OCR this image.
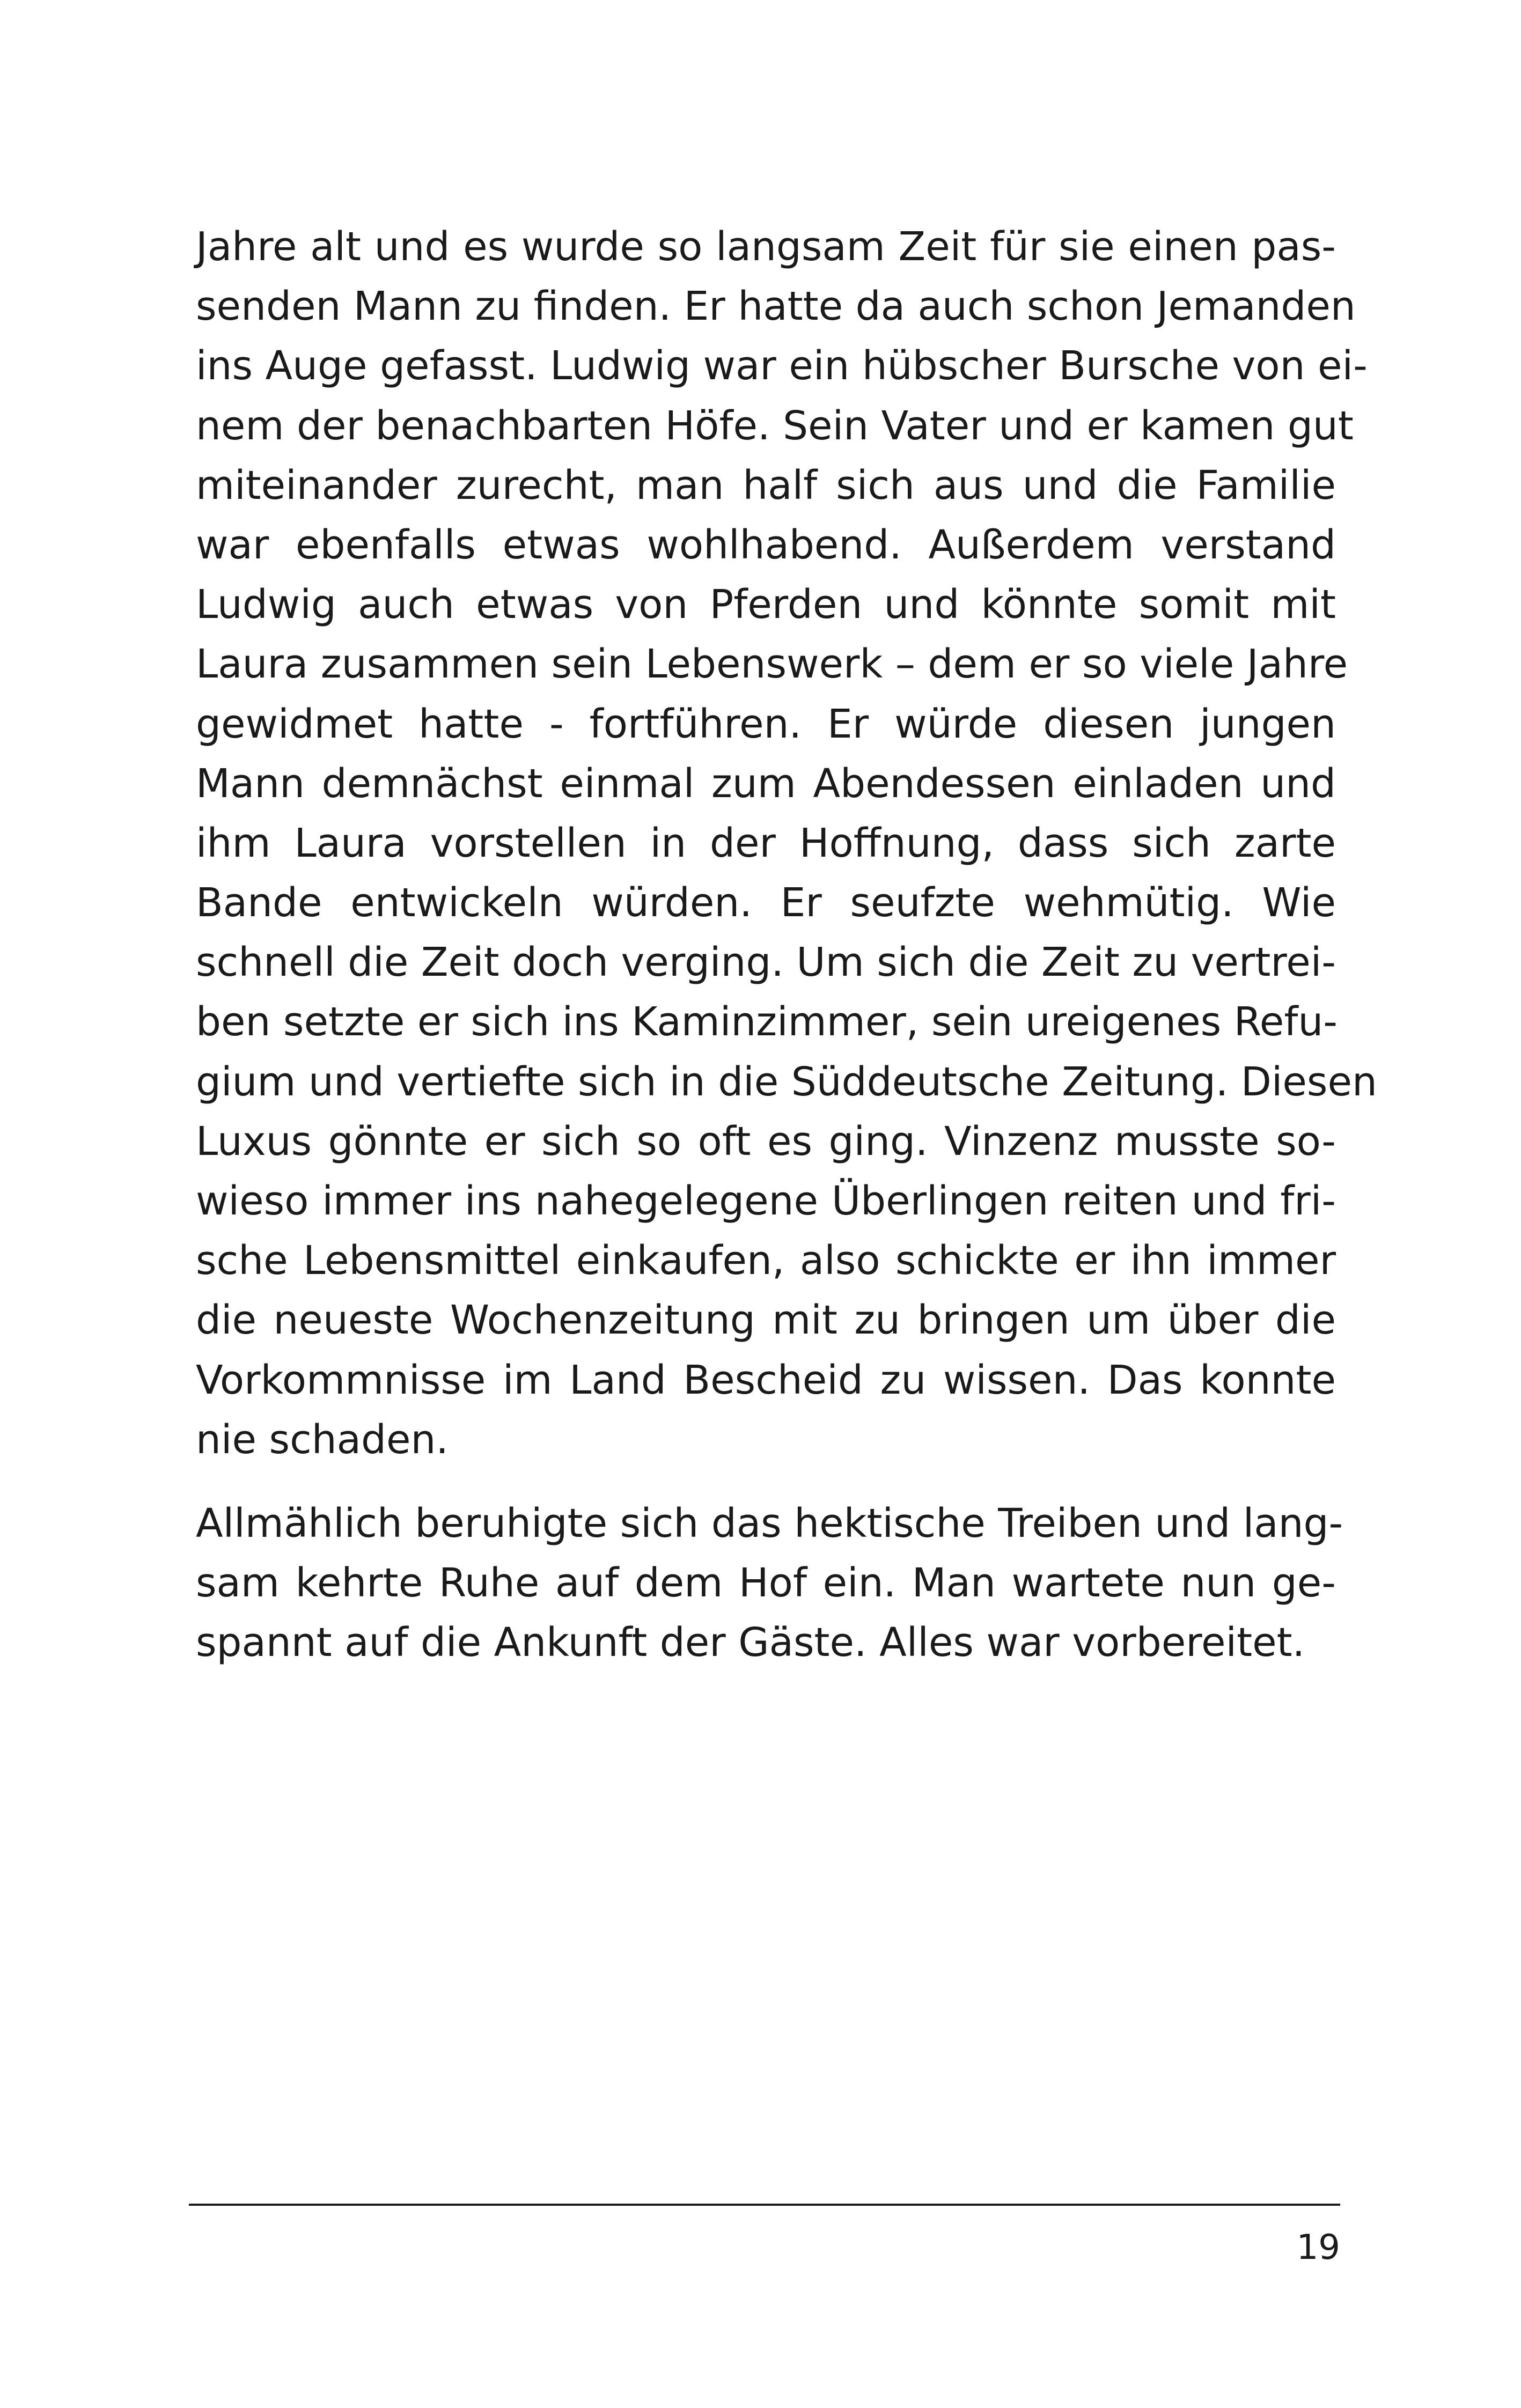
Jahre alt und es wurde so langsam Zeit für sie einen pas-
senden Mann zu finden. Er hatte da auch schon Jemanden
ins Auge gefasst. Ludwig war ein hübscher Bursche von ei-
nem der benachbarten Höfe. Sein Vater und er kamen gut
miteinander zurecht, man half sich aus und die Familie
war ebenfalls etwas wohlhabend. Außerdem verstand
Ludwig auch etwas von Pferden und könnte somit mit
Laura zusammen sein Lebenswerk – dem er so viele Jahre
gewidmet hatte - fortführen. Er würde diesen jungen
Mann demnächst einmal zum Abendessen einladen und
ihm Laura vorstellen in der Hoffnung, dass sich zarte
Bande entwickeln würden. Er seufzte wehmütig. Wie
schnell die Zeit doch verging. Um sich die Zeit zu vertrei-
ben setzte er sich ins Kaminzimmer, sein ureigenes Refu-
gium und vertiefte sich in die Süddeutsche Zeitung. Diesen
Luxus gönnte er sich so oft es ging. Vinzenz musste so-
wieso immer ins nahegelegene Überlingen reiten und fri-
sche Lebensmittel einkaufen, also schickte er ihn immer
die neueste Wochenzeitung mit zu bringen um über die
Vorkommnisse im Land Bescheid zu wissen. Das konnte
nie schaden.
Allmählich beruhigte sich das hektische Treiben und lang-
sam kehrte Ruhe auf dem Hof ein. Man wartete nun ge-
spannt auf die Ankunft der Gäste. Alles war vorbereitet.
19
